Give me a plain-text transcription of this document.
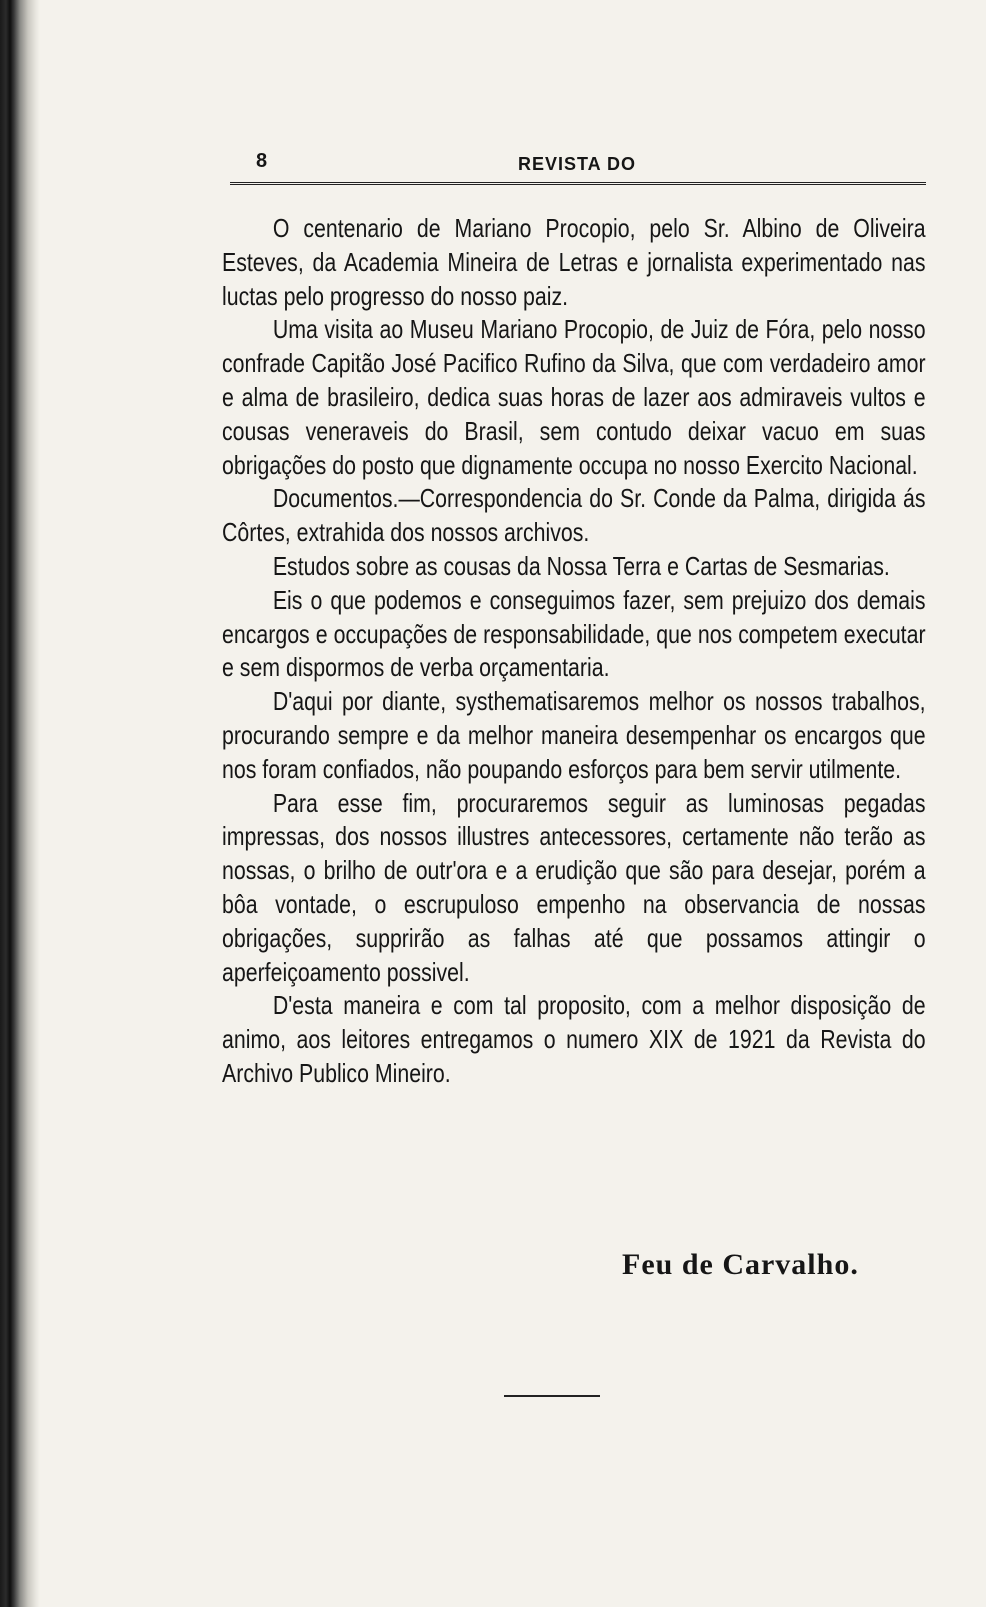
8	REVISTA DO

O centenario de Mariano Procopio, pelo Sr. Albino de Oliveira Esteves, da Academia Mineira de Letras e jornalista experimentado nas luctas pelo progresso do nosso paiz.

Uma visita ao Museu Mariano Procopio, de Juiz de Fóra, pelo nosso confrade Capitão José Pacifico Rufino da Silva, que com verdadeiro amor e alma de brasileiro, dedica suas horas de lazer aos admiraveis vultos e cousas veneraveis do Brasil, sem contudo deixar vacuo em suas obrigações do posto que dignamente occupa no nosso Exercito Nacional.

Documentos.—Correspondencia do Sr. Conde da Palma, dirigida ás Côrtes, extrahida dos nossos archivos.

Estudos sobre as cousas da Nossa Terra e Cartas de Sesmarias.

Eis o que podemos e conseguimos fazer, sem prejuizo dos demais encargos e occupações de responsabilidade, que nos competem executar e sem dispormos de verba orçamentaria.

D'aqui por diante, systhematisaremos melhor os nossos trabalhos, procurando sempre e da melhor maneira desempenhar os encargos que nos foram confiados, não poupando esforços para bem servir utilmente.

Para esse fim, procuraremos seguir as luminosas pegadas impressas, dos nossos illustres antecessores, certamente não terão as nossas, o brilho de outr'ora e a erudição que são para desejar, porém a bôa vontade, o escrupuloso empenho na observancia de nossas obrigações, supprirão as falhas até que possamos attingir o aperfeiçoamento possivel.

D'esta maneira e com tal proposito, com a melhor disposição de animo, aos leitores entregamos o numero XIX de 1921 da Revista do Archivo Publico Mineiro.

Feu de Carvalho.
